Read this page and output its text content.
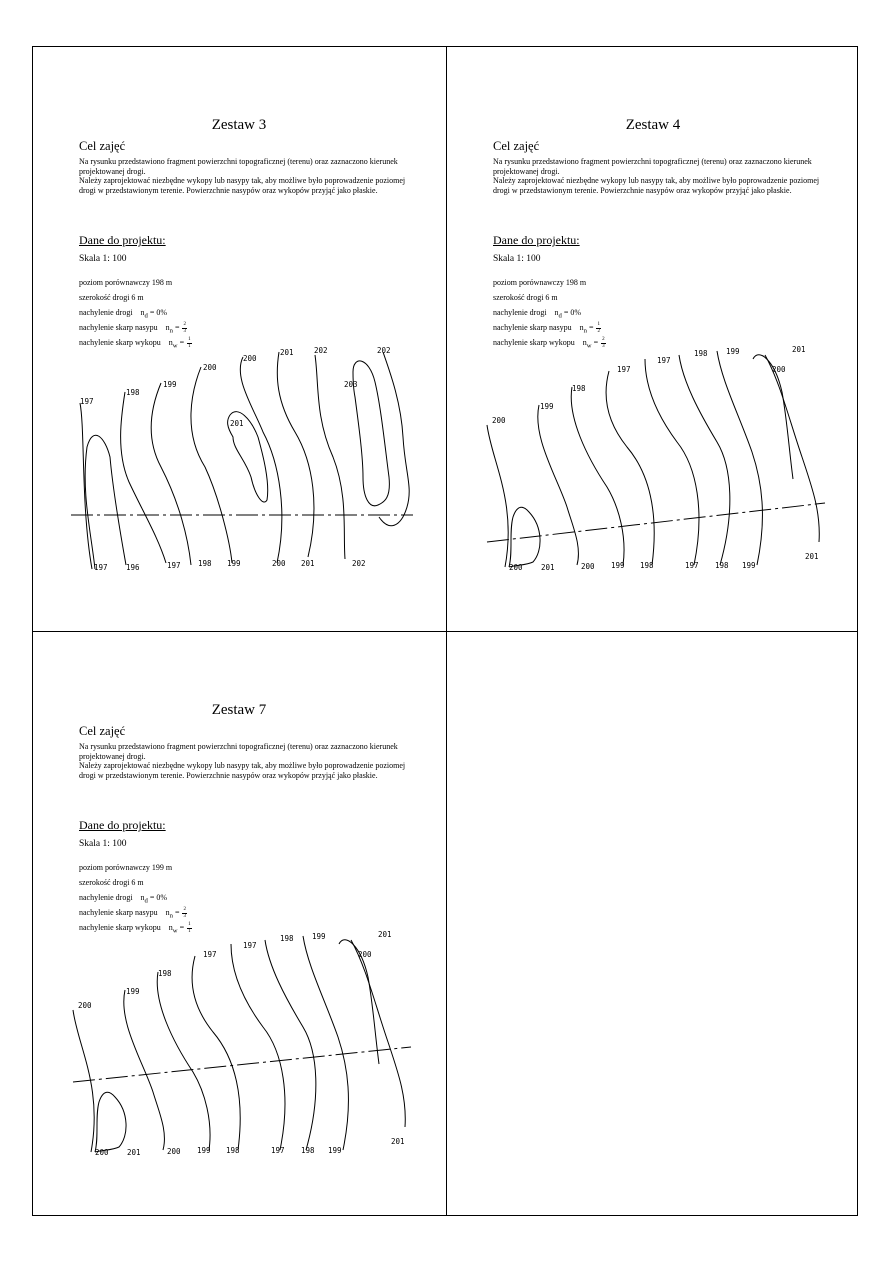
Zestaw 3
Cel zajęć

Na rysunku przedstawiono fragment powierzchni topograficznej (terenu) oraz zaznaczono kierunek projektowanej drogi.

Należy zaprojektować niezbędne wykopy lub nasypy tak, aby możliwe było poprowadzenie poziomej drogi w przedstawionym terenie. Powierzchnie nasypów oraz wykopów przyjąć jako płaskie.

Dane do projektu:
Skala 1: 100
poziom porównawczy 198 m
szerokość drogi 6 m
nachylenie drogi $n_d = 0\%$
nachylenie skarp nasypu $n_n = \frac{2}{3}$
nachylenie skarp wykopu $n_w = \frac{1}{1}$
197
198
199
200
200
201	202
203
202
201
197 196	197 198 199	200 201	202
Zestaw 4
Cel zajęć

Na rysunku przedstawiono fragment powierzchni topograficznej (terenu) oraz zaznaczono kierunek projektowanej drogi.

Należy zaprojektować niezbędne wykopy lub nasypy tak, aby możliwe było poprowadzenie poziomej drogi w przedstawionym terenie. Powierzchnie nasypów oraz wykopów przyjąć jako płaskie.

Dane do projektu:
Skala 1: 100
poziom porównawczy 198 m
szerokość drogi 6 m
nachylenie drogi $n_d = 0\%$
nachylenie skarp nasypu $n_n = \frac{1}{2}$
nachylenie skarp wykopu $n_w = \frac{2}{3}$
200
199
198
197
197
198 199
200
201
200 201	200 199 198	197 198 199
201
Zestaw 7
Cel zajęć

Na rysunku przedstawiono fragment powierzchni topograficznej (terenu) oraz zaznaczono kierunek projektowanej drogi.

Należy zaprojektować niezbędne wykopy lub nasypy tak, aby możliwe było poprowadzenie poziomej drogi w przedstawionym terenie. Powierzchnie nasypów oraz wykopów przyjąć jako płaskie.

Dane do projektu:
Skala 1: 100
poziom porównawczy 199 m
szerokość drogi 6 m
nachylenie drogi $n_d = 0\%$
nachylenie skarp nasypu $n_n = \frac{2}{3}$
nachylenie skarp wykopu $n_w = \frac{1}{1}$
200
199
198
197
197
198 199
200
201
200 201	200 199 198	197 198 199
201
